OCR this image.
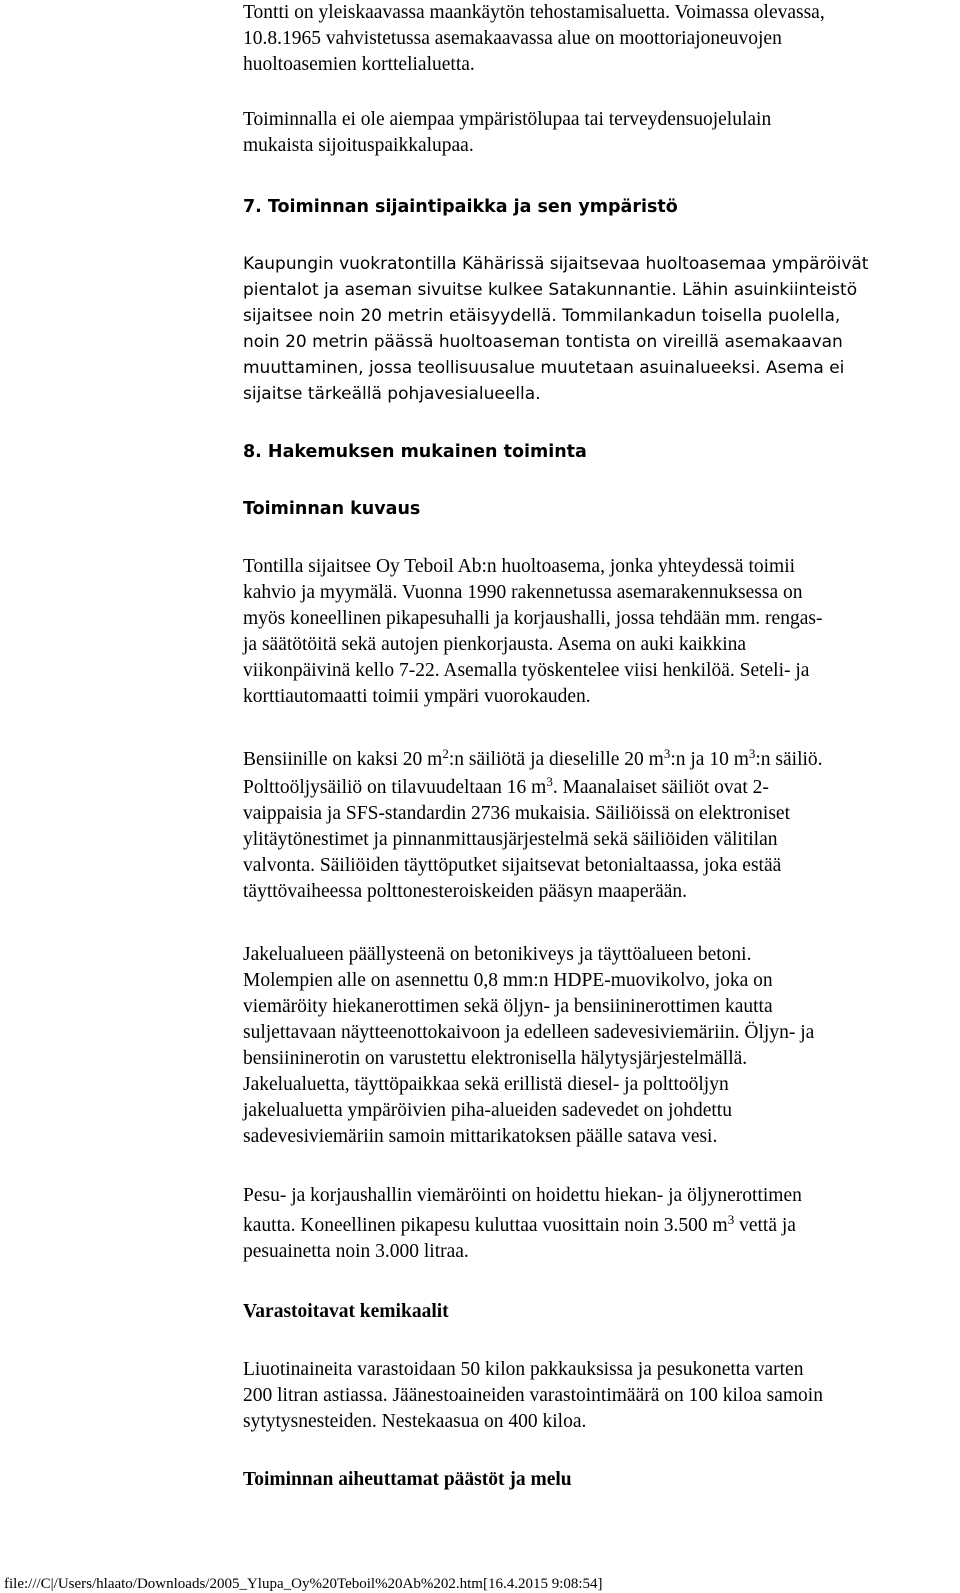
Tontti on yleiskaavassa maankäytön tehostamisaluetta. Voimassa olevassa,

10.8.1965 vahvistetussa asemakaavassa alue on moottoriajoneuvojen

huoltoasemien korttelialuetta.

Toiminnalla ei ole aiempaa ympäristölupaa tai terveydensuojelulain

mukaista sijoituspaikkalupaa.

7. Toiminnan sijaintipaikka ja sen ympäristö

Kaupungin vuokratontilla Kähärissä sijaitsevaa huoltoasemaa ympäröivät

pientalot ja aseman sivuitse kulkee Satakunnantie. Lähin asuinkiinteistö

sijaitsee noin 20 metrin etäisyydellä. Tommilankadun toisella puolella,

noin 20 metrin päässä huoltoaseman tontista on vireillä asemakaavan

muuttaminen, jossa teollisuusalue muutetaan asuinalueeksi. Asema ei

sijaitse tärkeällä pohjavesialueella.

8. Hakemuksen mukainen toiminta
Toiminnan kuvaus

Tontilla sijaitsee Oy Teboil Ab:n huoltoasema, jonka yhteydessä toimii

kahvio ja myymälä. Vuonna 1990 rakennetussa asemarakennuksessa on

myös koneellinen pikapesuhalli ja korjaushalli, jossa tehdään mm. rengas-

ja säätötöitä sekä autojen pienkorjausta. Asema on auki kaikkina

viikonpäivinä kello 7-22. Asemalla työskentelee viisi henkilöä. Seteli- ja

korttiautomaatti toimii ympäri vuorokauden.

Bensiinille on kaksi 20 $m^2:n$ säiliötä ja dieselille 20 $m^3:n$ ja 10 $m^3:n$ säiliö.

Polttoöljysäiliö on tilavuudeltaan 16 $m^3$. Maanalaiset säiliöt ovat 2-

vaippaisia ja SFS-standardin 2736 mukaisia. Säiliöissä on elektroniset

ylitäytönestimet ja pinnanmittausjärjestelmä sekä säiliöiden välitilan

valvonta. Säiliöiden täyttöputket sijaitsevat betonialtaassa, joka estää

täyttövaiheessa polttonesteroiskeiden pääsyn maaperään.

Jakelualueen päällysteenä on betonikiveys ja täyttöalueen betoni.

Molempien alle on asennettu 0,8 mm:n HDPE-muovikolvo, joka on

viemäröity hiekanerottimen sekä öljyn- ja bensiininerottimen kautta

suljettavaan näytteenottokaivoon ja edelleen sadevesiviemäriin. Öljyn- ja

bensiininerotin on varustettu elektronisella hälytysjärjestelmällä.

Jakelualuetta, täyttöpaikkaa sekä erillistä diesel- ja polttoöljyn

jakelualuetta ympäröivien piha-alueiden sadevedet on johdettu

sadevesiviemäriin samoin mittarikatoksen päälle satava vesi.

Pesu- ja korjaushallin viemäröinti on hoidettu hiekan- ja öljynerottimen

kautta. Koneellinen pikapesu kuluttaa vuosittain noin 3.500 $m^3$ vettä ja

pesuainetta noin 3.000 litraa.

Varastoitavat kemikaalit

Liuotinaineita varastoidaan 50 kilon pakkauksissa ja pesukonetta varten

200 litran astiassa. Jäänestoaineiden varastointimäärä on 100 kiloa samoin

sytytysnesteiden. Nestekaasua on 400 kiloa.

Toiminnan aiheuttamat päästöt ja melu
file:///C|/Users/hlaato/Downloads/2005_Ylupa_Oy%20Teboil%20Ab%202.htm[16.4.2015 9:08:54]
